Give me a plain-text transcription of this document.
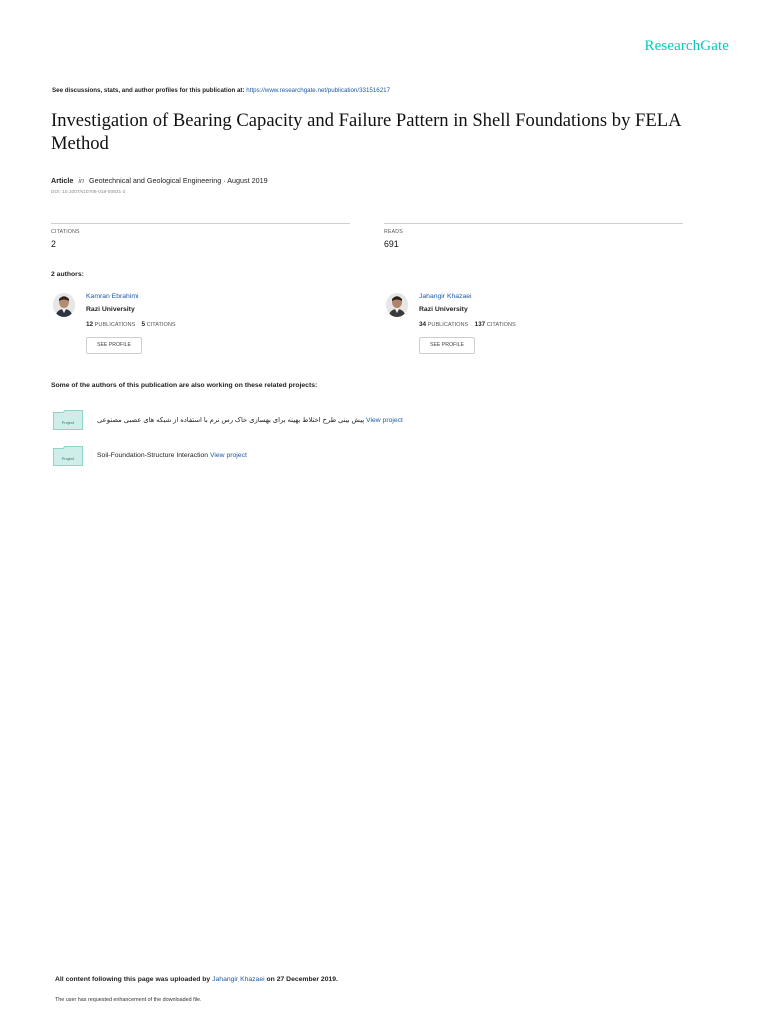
ResearchGate
See discussions, stats, and author profiles for this publication at: https://www.researchgate.net/publication/331516217
Investigation of Bearing Capacity and Failure Pattern in Shell Foundations by FELA Method
Article in Geotechnical and Geological Engineering · August 2019
DOI: 10.1007/s10706-019-00831-2
CITATIONS
2
READS
691
2 authors:
Kamran Ebrahimi
Razi University
12 PUBLICATIONS 5 CITATIONS
SEE PROFILE
Jahangir Khazaei
Razi University
34 PUBLICATIONS 137 CITATIONS
SEE PROFILE
Some of the authors of this publication are also working on these related projects:
Project	پیش بینی طرح اختلاط بهینه برای بهسازی خاک رس نرم با استفاده از شبکه های عصبی مصنوعی View project
Project	Soil-Foundation-Structure Interaction View project
All content following this page was uploaded by Jahangir Khazaei on 27 December 2019.
The user has requested enhancement of the downloaded file.
